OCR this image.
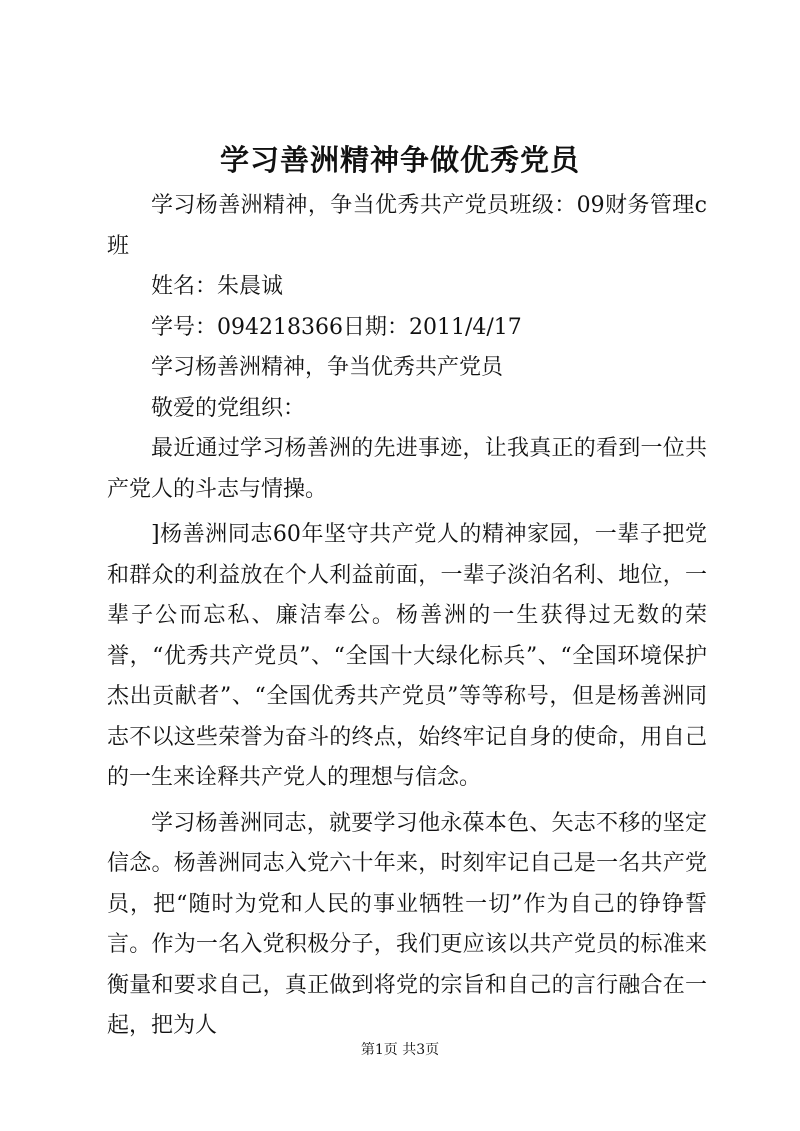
学习善洲精神争做优秀党员

学习杨善洲精神，争当优秀共产党员班级：09财务管理c班

姓名：朱晨诚

学号：094218366日期：2011/4/17

学习杨善洲精神，争当优秀共产党员

敬爱的党组织：

最近通过学习杨善洲的先进事迹，让我真正的看到一位共产党人的斗志与情操。

]杨善洲同志60年坚守共产党人的精神家园，一辈子把党和群众的利益放在个人利益前面，一辈子淡泊名利、地位，一辈子公而忘私、廉洁奉公。杨善洲的一生获得过无数的荣誉，“优秀共产党员”、“全国十大绿化标兵”、“全国环境保护杰出贡献者”、“全国优秀共产党员”等等称号，但是杨善洲同志不以这些荣誉为奋斗的终点，始终牢记自身的使命，用自己的一生来诠释共产党人的理想与信念。

学习杨善洲同志，就要学习他永葆本色、矢志不移的坚定信念。杨善洲同志入党六十年来，时刻牢记自己是一名共产党员，把“随时为党和人民的事业牺牲一切”作为自己的铮铮誓言。作为一名入党积极分子，我们更应该以共产党员的标准来衡量和要求自己，真正做到将党的宗旨和自己的言行融合在一起，把为人

第1页 共3页
